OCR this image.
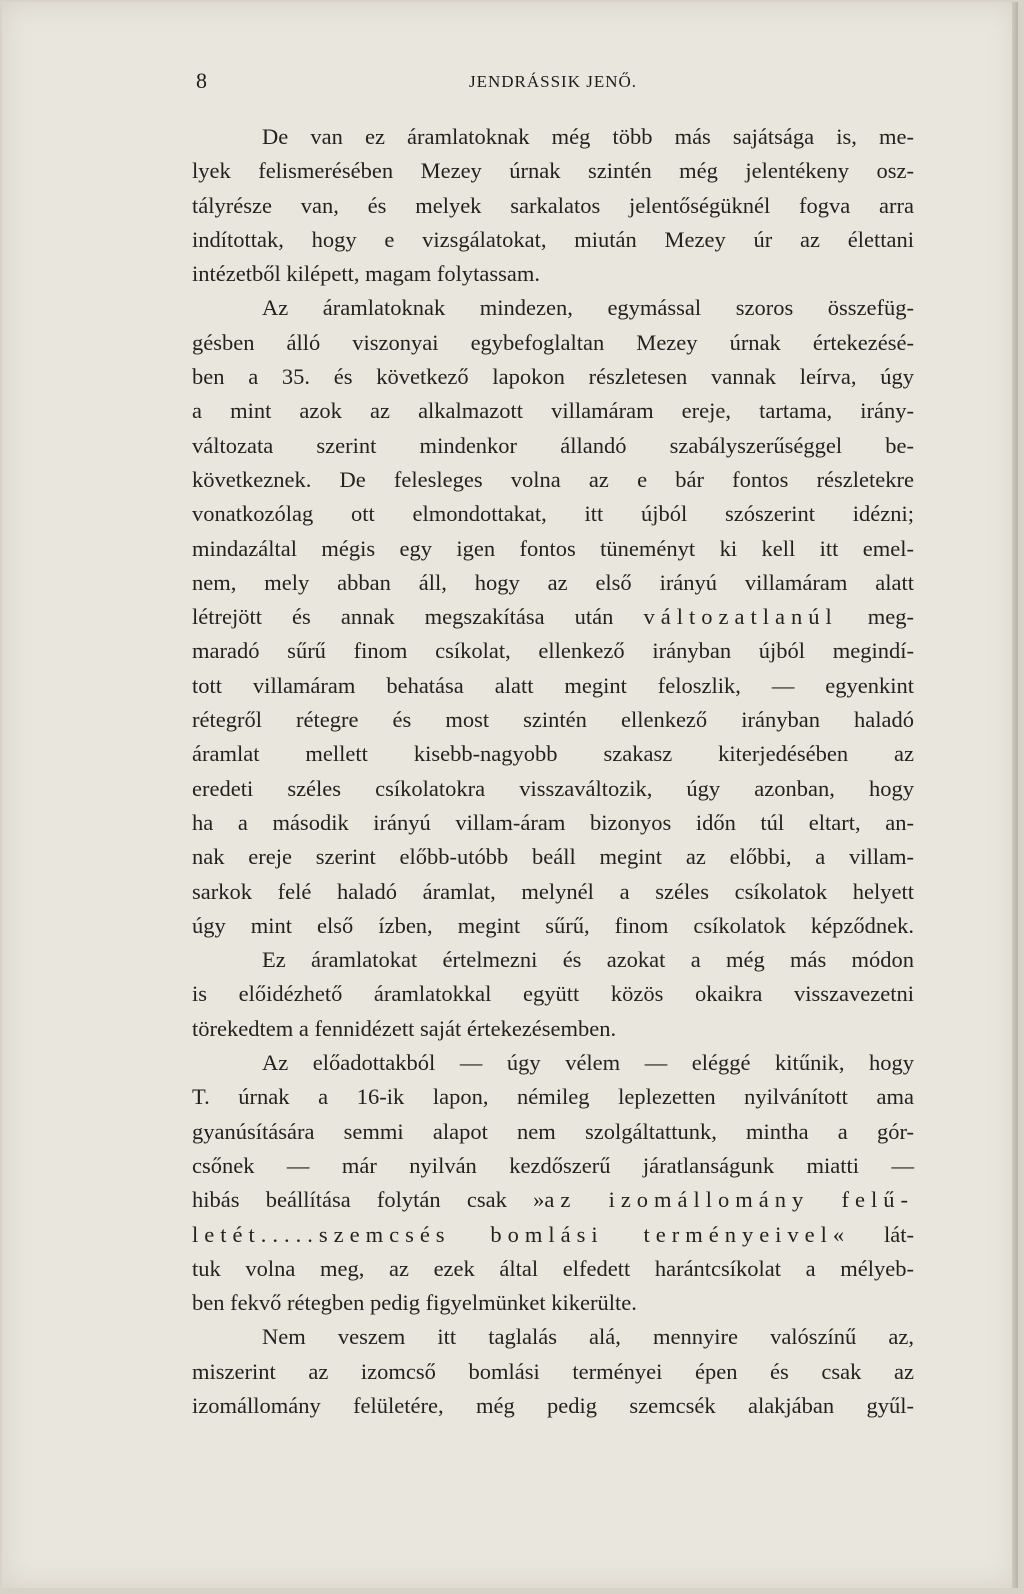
8	JENDRÁSSIK JENŐ.
De van ez áramlatoknak még több más sajátsága is, me-
lyek felismerésében Mezey úrnak szintén még jelentékeny osz-
tályrésze van, és melyek sarkalatos jelentőségüknél fogva arra
indítottak, hogy e vizsgálatokat, miután Mezey úr az élettani
intézetből kilépett, magam folytassam.
Az áramlatoknak mindezen, egymással szoros összefüg-
gésben álló viszonyai egybefoglaltan Mezey úrnak értekezésé-
ben a 35. és következő lapokon részletesen vannak leírva, úgy
a mint azok az alkalmazott villamáram ereje, tartama, irány-
változata szerint mindenkor állandó szabályszerűséggel be-
következnek. De felesleges volna az e bár fontos részletekre
vonatkozólag ott elmondottakat, itt újból szószerint idézni;
mindazáltal mégis egy igen fontos tüneményt ki kell itt emel-
nem, mely abban áll, hogy az első irányú villamáram alatt
létrejött és annak megszakítása után változatlanúl meg-
maradó sűrű finom csíkolat, ellenkező irányban újból megindí-
tott villamáram behatása alatt megint feloszlik, — egyenkint
rétegről rétegre és most szintén ellenkező irányban haladó
áramlat mellett kisebb-nagyobb szakasz kiterjedésében az
eredeti széles csíkolatokra visszaváltozik, úgy azonban, hogy
ha a második irányú villam-áram bizonyos időn túl eltart, an-
nak ereje szerint előbb-utóbb beáll megint az előbbi, a villam-
sarkok felé haladó áramlat, melynél a széles csíkolatok helyett
úgy mint első ízben, megint sűrű, finom csíkolatok képződnek.
Ez áramlatokat értelmezni és azokat a még más módon
is előidézhető áramlatokkal együtt közös okaikra visszavezetni
törekedtem a fennidézett saját értekezésemben.
Az előadottakból — úgy vélem — eléggé kitűnik, hogy
T. úrnak a 16-ik lapon, némileg leplezetten nyilvánított ama
gyanúsítására semmi alapot nem szolgáltattunk, mintha a gór-
csőnek — már nyilván kezdőszerű járatlanságunk miatti —
hibás beállítása folytán csak »az izomállomány felű-
letét.....szemcsés bomlási terményeivel« lát-
tuk volna meg, az ezek által elfedett harántcsíkolat a mélyeb-
ben fekvő rétegben pedig figyelmünket kikerülte.
Nem veszem itt taglalás alá, mennyire valószínű az,
miszerint az izomcső bomlási terményei épen és csak az
izomállomány felületére, még pedig szemcsék alakjában gyűl-
